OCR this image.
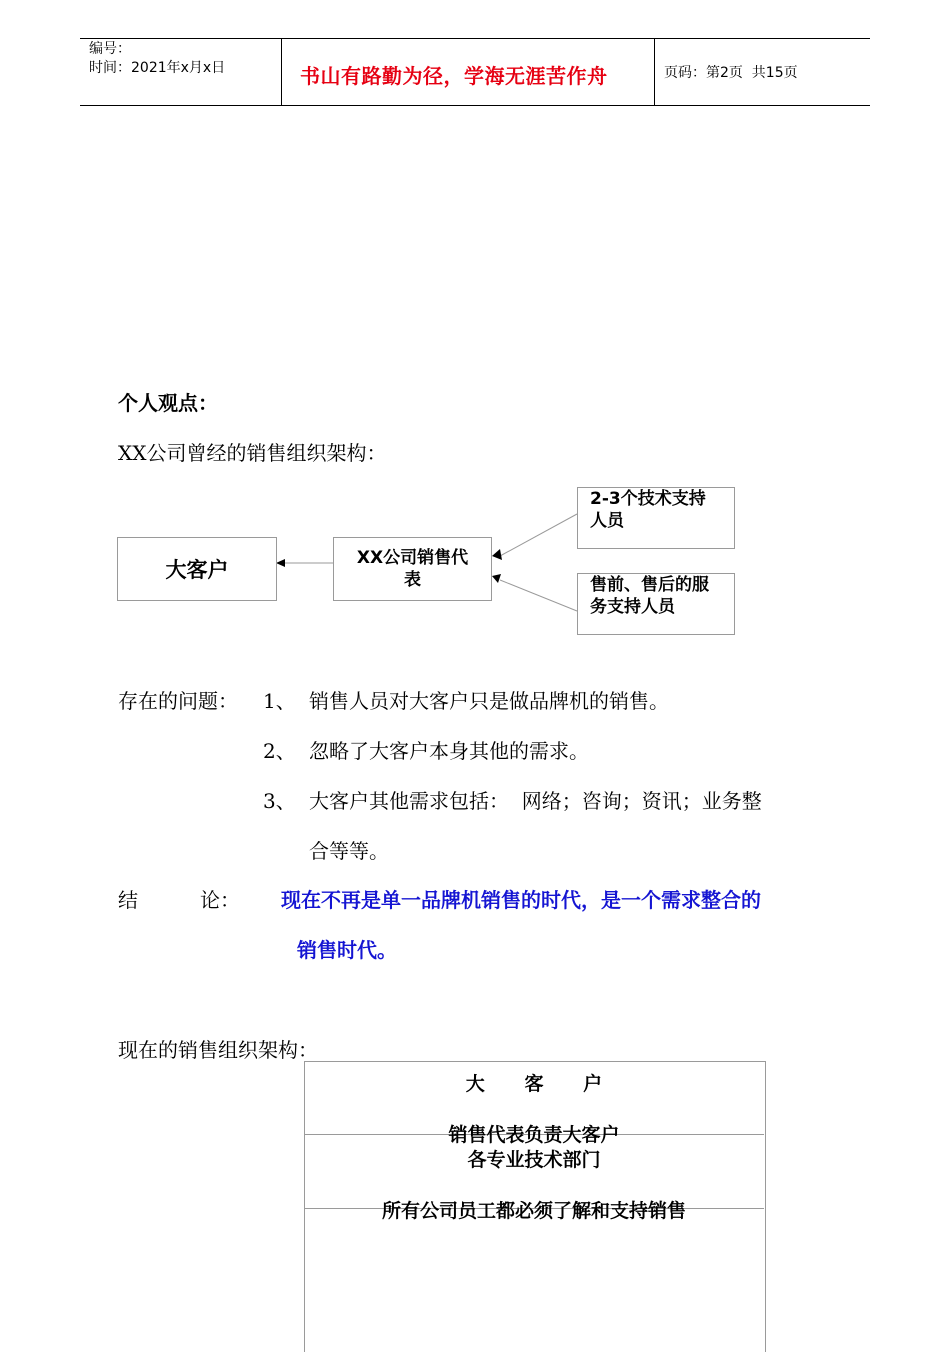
编号：
时间：2021年x月x日	书山有路勤为径，学海无涯苦作舟	页码：第2页  共15页
个人观点：
XX公司曾经的销售组织架构：
大客户	XX公司销售代
表
2-3个技术支持
人员
售前、售后的服
务支持人员
存在的问题： 1、 销售人员对大客户只是做品牌机的销售。
2、 忽略了大客户本身其他的需求。
3、 大客户其他需求包括：  网络；咨询；资讯；业务整
合等等。
结	论： 现在不再是单一品牌机销售的时代，是一个需求整合的
销售时代。
现在的销售组织架构：
大      客      户
销售代表负责大客户
各专业技术部门
所有公司员工都必须了解和支持销售
